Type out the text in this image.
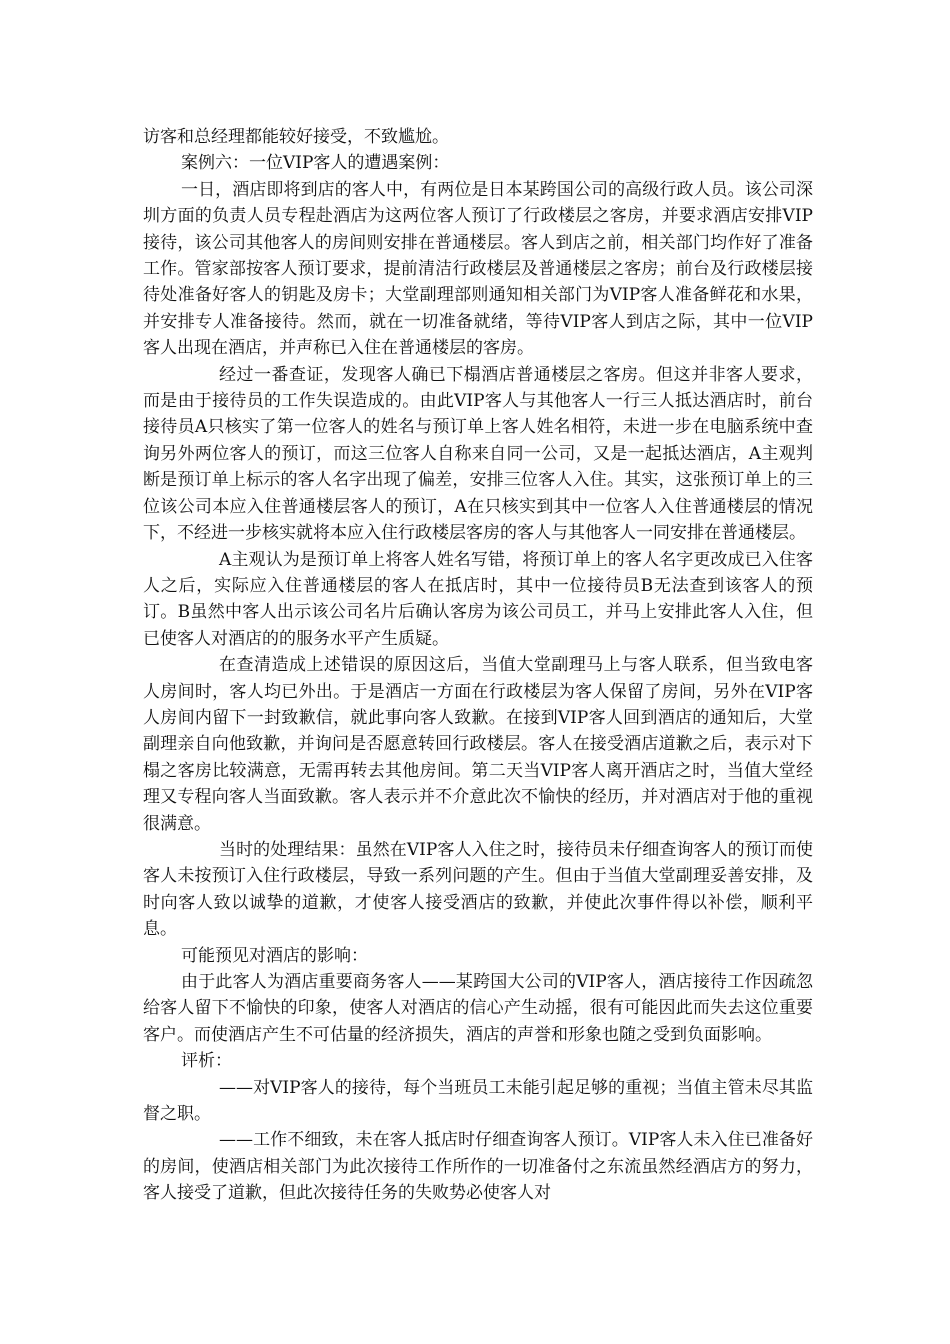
访客和总经理都能较好接受，不致尴尬。

案例六：一位VIP客人的遭遇案例：

一日，酒店即将到店的客人中，有两位是日本某跨国公司的高级行政人员。该公司深圳方面的负责人员专程赴酒店为这两位客人预订了行政楼层之客房，并要求酒店安排VIP接待，该公司其他客人的房间则安排在普通楼层。客人到店之前，相关部门均作好了准备工作。管家部按客人预订要求，提前清洁行政楼层及普通楼层之客房；前台及行政楼层接待处准备好客人的钥匙及房卡；大堂副理部则通知相关部门为VIP客人准备鲜花和水果，并安排专人准备接待。然而，就在一切准备就绪，等待VIP客人到店之际，其中一位VIP客人出现在酒店，并声称已入住在普通楼层的客房。

经过一番查证，发现客人确已下榻酒店普通楼层之客房。但这并非客人要求，而是由于接待员的工作失误造成的。由此VIP客人与其他客人一行三人抵达酒店时，前台接待员A只核实了第一位客人的姓名与预订单上客人姓名相符，未进一步在电脑系统中查询另外两位客人的预订，而这三位客人自称来自同一公司，又是一起抵达酒店，A主观判断是预订单上标示的客人名字出现了偏差，安排三位客人入住。其实，这张预订单上的三位该公司本应入住普通楼层客人的预订，A在只核实到其中一位客人入住普通楼层的情况下，不经进一步核实就将本应入住行政楼层客房的客人与其他客人一同安排在普通楼层。

A主观认为是预订单上将客人姓名写错，将预订单上的客人名字更改成已入住客人之后，实际应入住普通楼层的客人在抵店时，其中一位接待员B无法查到该客人的预订。B虽然中客人出示该公司名片后确认客房为该公司员工，并马上安排此客人入住，但已使客人对酒店的的服务水平产生质疑。

在查清造成上述错误的原因这后，当值大堂副理马上与客人联系，但当致电客人房间时，客人均已外出。于是酒店一方面在行政楼层为客人保留了房间，另外在VIP客人房间内留下一封致歉信，就此事向客人致歉。在接到VIP客人回到酒店的通知后，大堂副理亲自向他致歉，并询问是否愿意转回行政楼层。客人在接受酒店道歉之后，表示对下榻之客房比较满意，无需再转去其他房间。第二天当VIP客人离开酒店之时，当值大堂经理又专程向客人当面致歉。客人表示并不介意此次不愉快的经历，并对酒店对于他的重视很满意。

当时的处理结果：虽然在VIP客人入住之时，接待员未仔细查询客人的预订而使客人未按预订入住行政楼层，导致一系列问题的产生。但由于当值大堂副理妥善安排，及时向客人致以诚挚的道歉，才使客人接受酒店的致歉，并使此次事件得以补偿，顺利平息。

可能预见对酒店的影响：

由于此客人为酒店重要商务客人——某跨国大公司的VIP客人，酒店接待工作因疏忽给客人留下不愉快的印象，使客人对酒店的信心产生动摇，很有可能因此而失去这位重要客户。而使酒店产生不可估量的经济损失，酒店的声誉和形象也随之受到负面影响。

评析：

——对VIP客人的接待，每个当班员工未能引起足够的重视；当值主管未尽其监督之职。

——工作不细致，未在客人抵店时仔细查询客人预订。VIP客人未入住已准备好的房间，使酒店相关部门为此次接待工作所作的一切准备付之东流虽然经酒店方的努力，客人接受了道歉，但此次接待任务的失败势必使客人对
